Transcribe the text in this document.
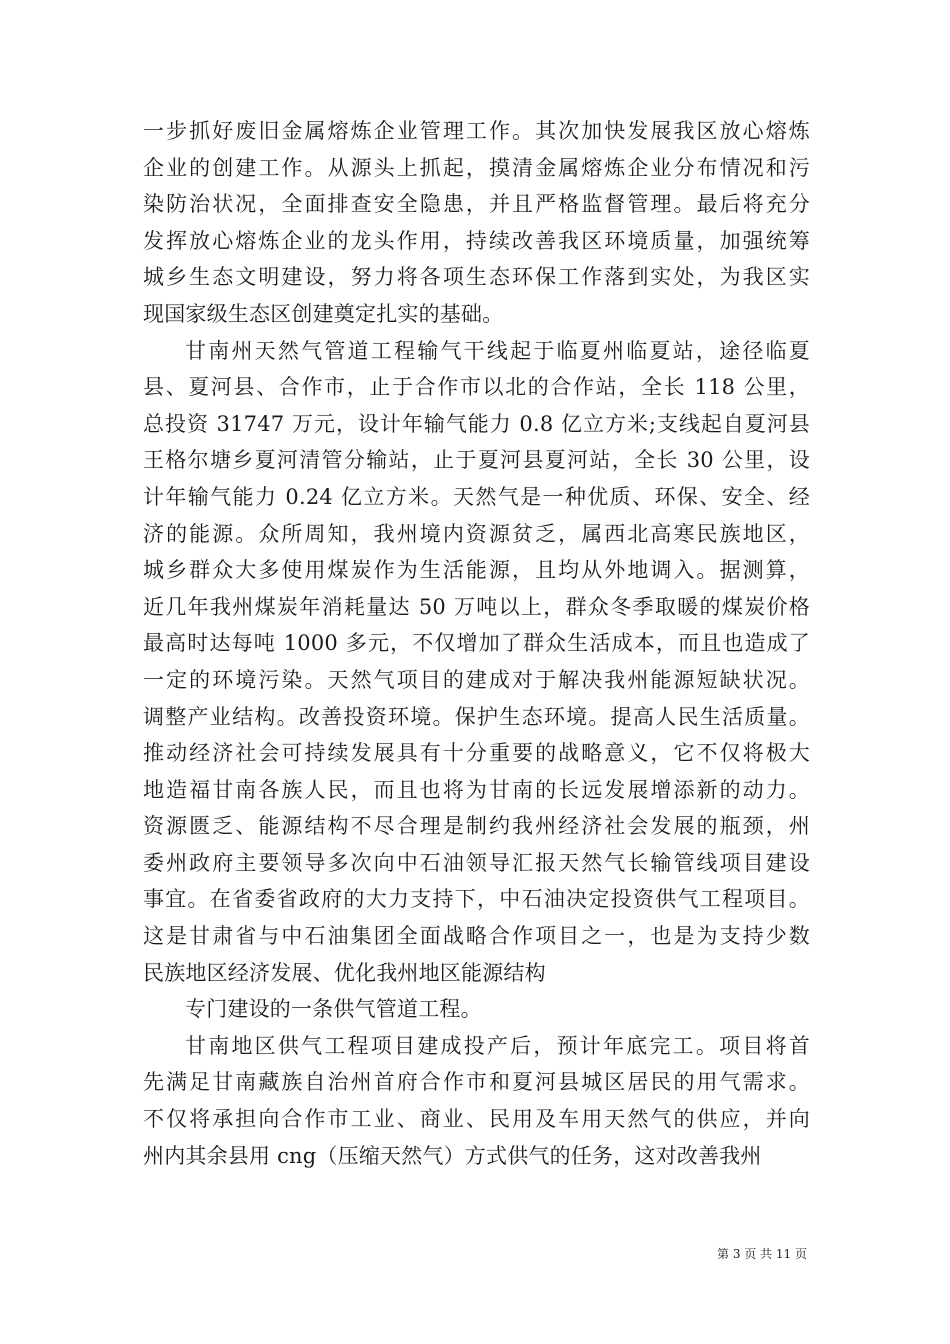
一步抓好废旧金属熔炼企业管理工作。其次加快发展我区放心熔炼
企业的创建工作。从源头上抓起，摸清金属熔炼企业分布情况和污
染防治状况，全面排查安全隐患，并且严格监督管理。最后将充分
发挥放心熔炼企业的龙头作用，持续改善我区环境质量，加强统筹
城乡生态文明建设，努力将各项生态环保工作落到实处，为我区实
现国家级生态区创建奠定扎实的基础。
甘南州天然气管道工程输气干线起于临夏州临夏站，途径临夏
县、夏河县、合作市，止于合作市以北的合作站，全长 118 公里，
总投资 31747 万元，设计年输气能力 0.8 亿立方米;支线起自夏河县
王格尔塘乡夏河清管分输站，止于夏河县夏河站，全长 30 公里，设
计年输气能力 0.24 亿立方米。天然气是一种优质、环保、安全、经
济的能源。众所周知，我州境内资源贫乏，属西北高寒民族地区，
城乡群众大多使用煤炭作为生活能源，且均从外地调入。据测算，
近几年我州煤炭年消耗量达 50 万吨以上，群众冬季取暖的煤炭价格
最高时达每吨 1000 多元，不仅增加了群众生活成本，而且也造成了
一定的环境污染。天然气项目的建成对于解决我州能源短缺状况。
调整产业结构。改善投资环境。保护生态环境。提高人民生活质量。
推动经济社会可持续发展具有十分重要的战略意义，它不仅将极大
地造福甘南各族人民，而且也将为甘南的长远发展增添新的动力。
资源匮乏、能源结构不尽合理是制约我州经济社会发展的瓶颈，州
委州政府主要领导多次向中石油领导汇报天然气长输管线项目建设
事宜。在省委省政府的大力支持下，中石油决定投资供气工程项目。
这是甘肃省与中石油集团全面战略合作项目之一，也是为支持少数
民族地区经济发展、优化我州地区能源结构
专门建设的一条供气管道工程。
甘南地区供气工程项目建成投产后，预计年底完工。项目将首
先满足甘南藏族自治州首府合作市和夏河县城区居民的用气需求。
不仅将承担向合作市工业、商业、民用及车用天然气的供应，并向
州内其余县用 cng（压缩天然气）方式供气的任务，这对改善我州
第 3 页 共 11 页
